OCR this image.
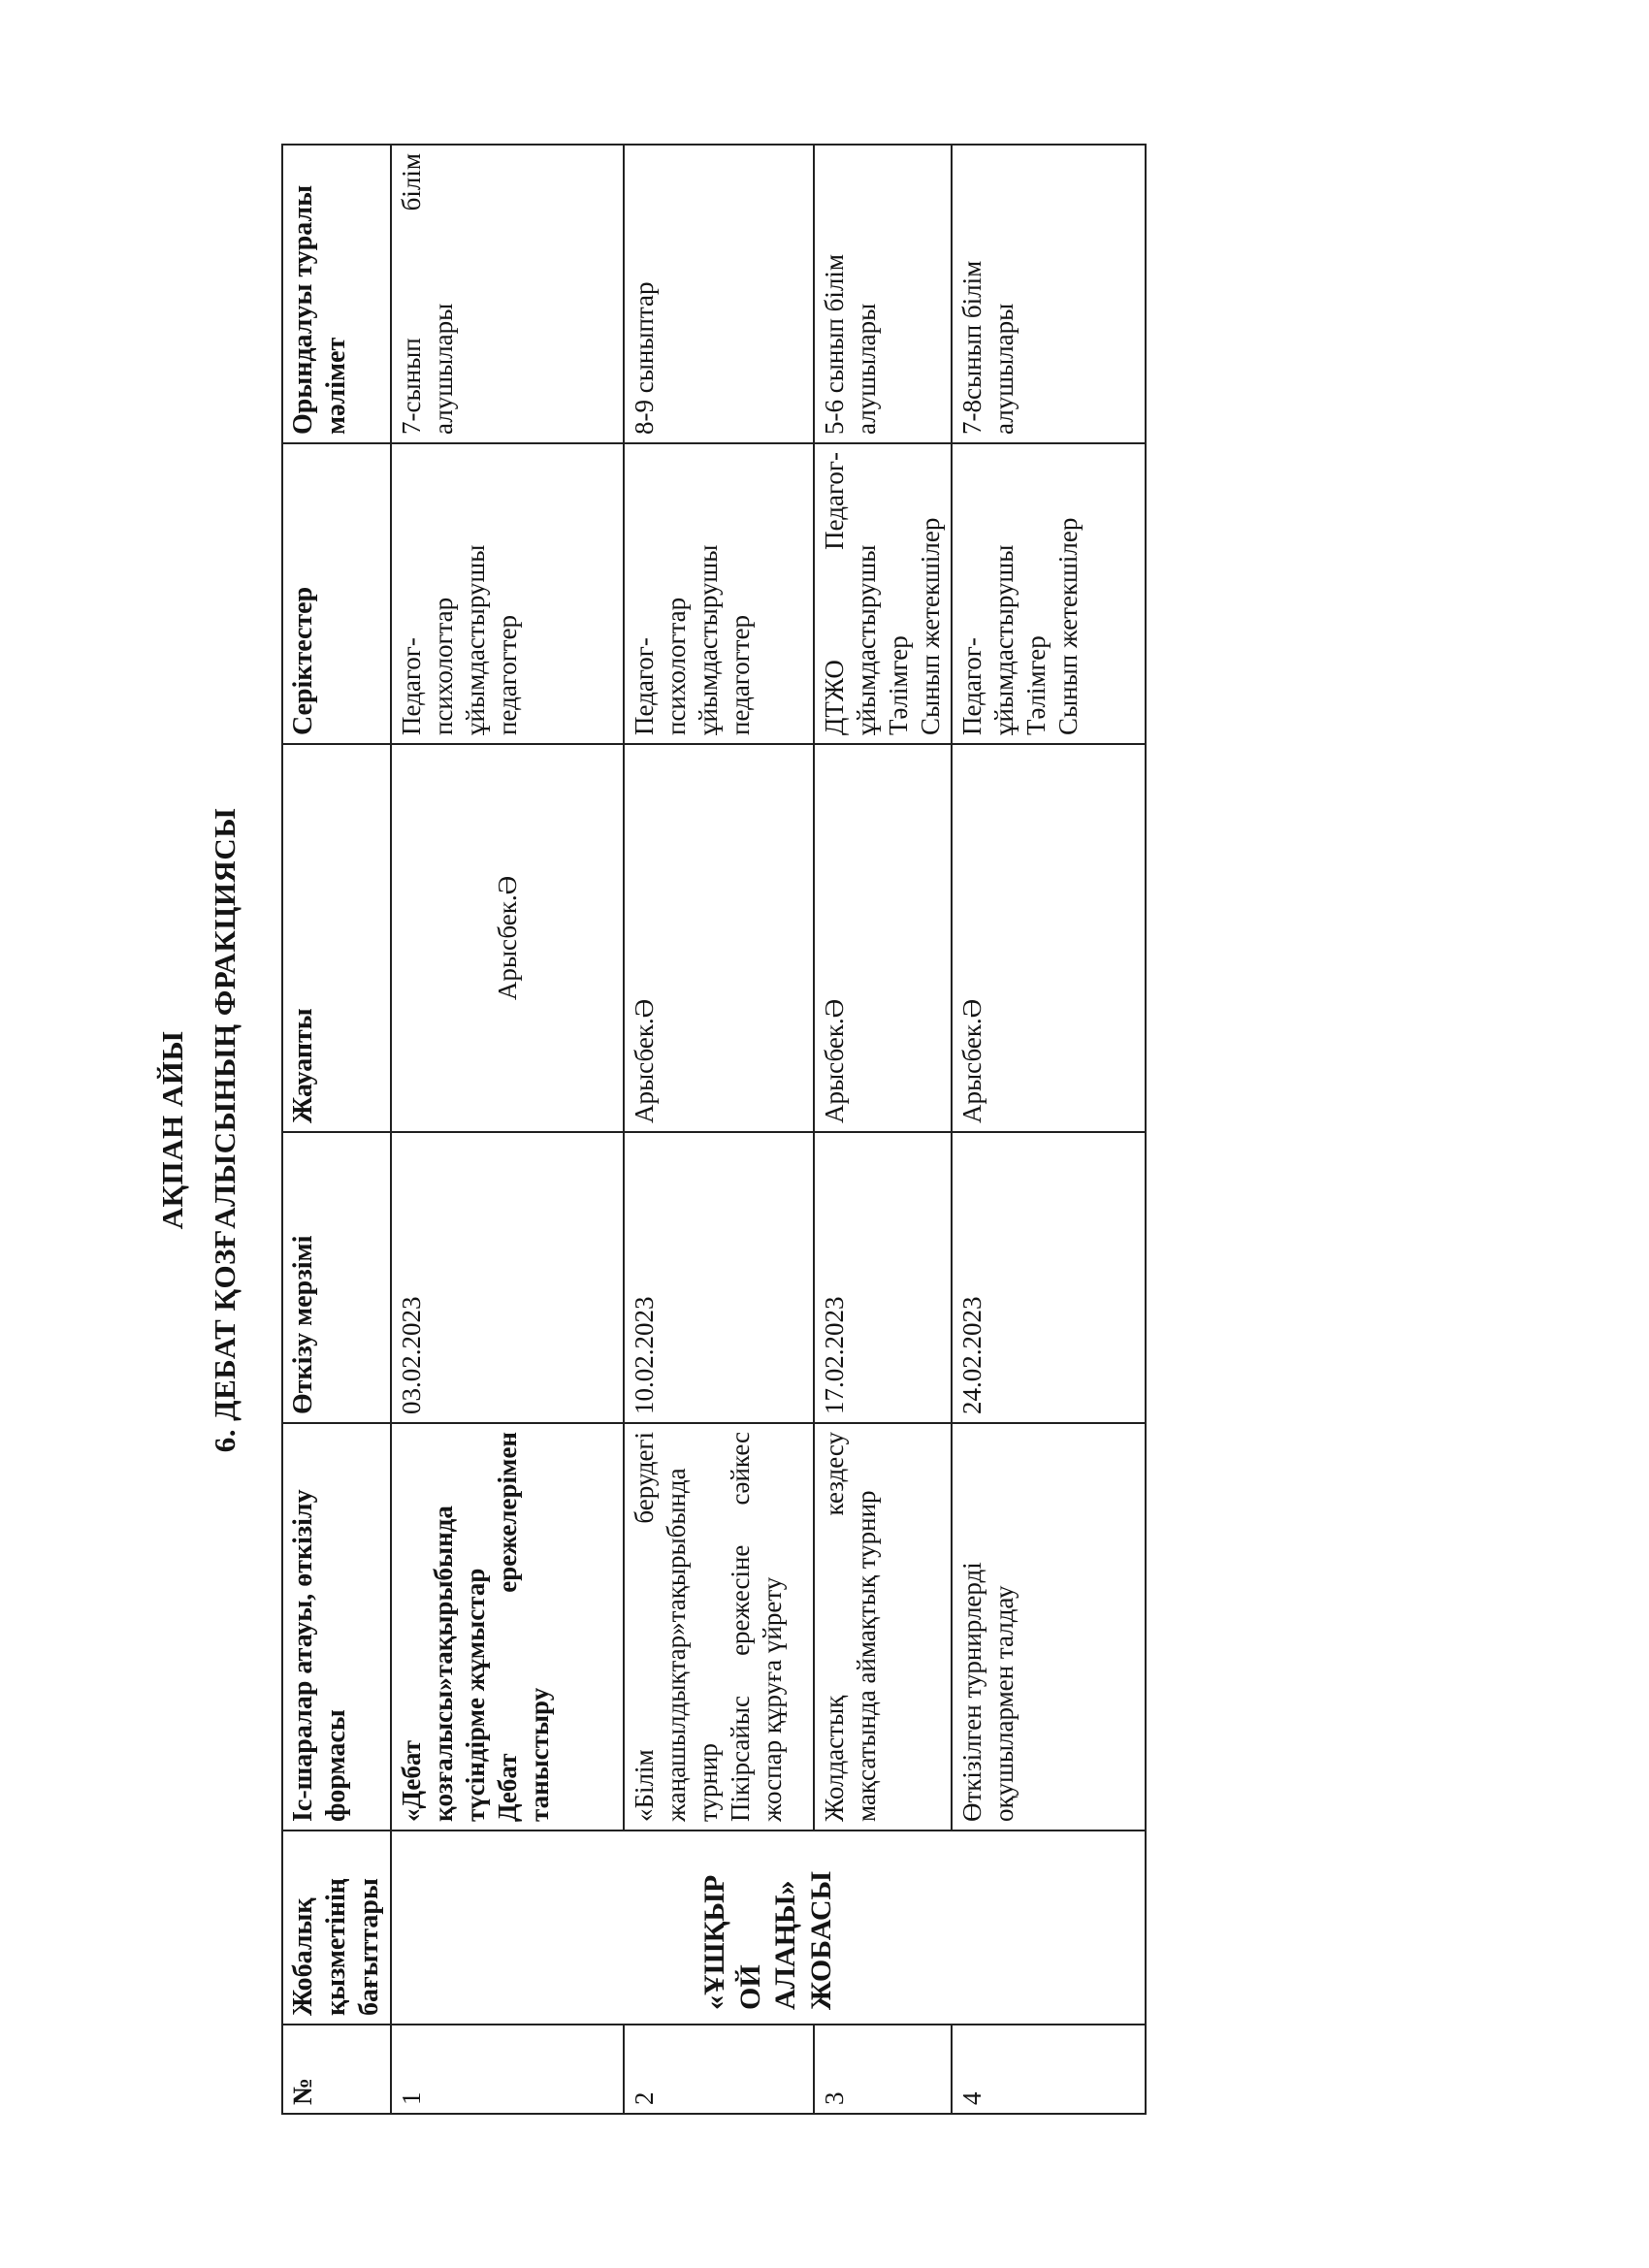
АҚПАН АЙЫ 6. ДЕБАТ ҚОЗҒАЛЫСЫНЫҢ ФРАКЦИЯСЫ
№	Жобалық қызметінің бағыттары	Іс-шаралар атауы, өткізілу формасы	Өткізу мерзімі	Жауапты	Серіктестер	Орындалуы туралы мәлімет
1	«ҰШҚЫР ОЙ АЛАҢЫ» ЖОБАСЫ	«Дебат қозғалысы»тақырыбында түсіндірме жұмыстар Дебат ережелерімен таныстыру	03.02.2023	Арысбек.Ә	Педагог- психологтар ұйымдастырушы педагогтер	7-сынып білім алушылары

2		«Білім берудегі жаңашылдықтар»тақырыбында турнир Пікірсайыс ережесіне сәйкес жоспар құруға үйрету	10.02.2023	Арысбек.Ә	Педагог- психологтар ұйымдастырушы педагогтер	8-9 сыныптар

3		Жолдастық кездесу мақсатында аймақтық турнир	17.02.2023	Арысбек.Ә	ДТЖО Педагог- ұйымдастырушы Тәлімгер Сынып жетекшілер	5-6 сынып білім алушылары

4		Өткізілген турнирлерді оқушылармен талдау	24.02.2023	Арысбек.Ә	Педагог- ұйымдастырушы Тәлімгер Сынып жетекшілер	7-8сынып білім алушылары
